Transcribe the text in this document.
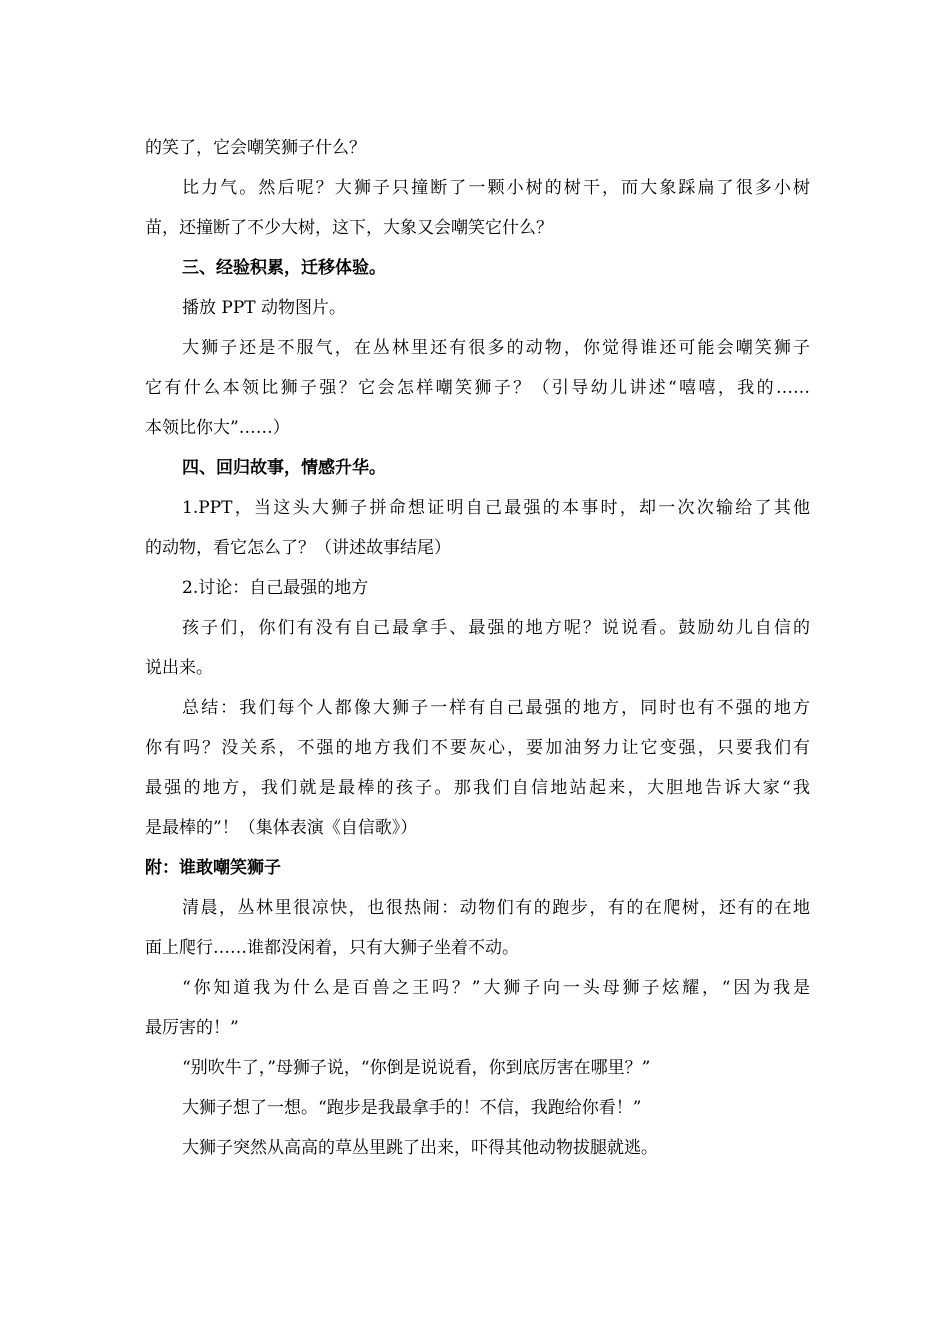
的笑了，它会嘲笑狮子什么？
比力气。然后呢？大狮子只撞断了一颗小树的树干，而大象踩扁了很多小树
苗，还撞断了不少大树，这下，大象又会嘲笑它什么？
三、经验积累，迁移体验。
播放 PPT 动物图片。
大狮子还是不服气，在丛林里还有很多的动物，你觉得谁还可能会嘲笑狮子
它有什么本领比狮子强？它会怎样嘲笑狮子？（引导幼儿讲述“嘻嘻，我的……
本领比你大”……）
四、回归故事，情感升华。
1.PPT，当这头大狮子拼命想证明自己最强的本事时，却一次次输给了其他
的动物，看它怎么了？（讲述故事结尾）
2.讨论：自己最强的地方
孩子们，你们有没有自己最拿手、最强的地方呢？说说看。鼓励幼儿自信的
说出来。
总结：我们每个人都像大狮子一样有自己最强的地方，同时也有不强的地方
你有吗？没关系，不强的地方我们不要灰心，要加油努力让它变强，只要我们有
最强的地方，我们就是最棒的孩子。那我们自信地站起来，大胆地告诉大家“我
是最棒的”！（集体表演《自信歌》）
附：谁敢嘲笑狮子
清晨，丛林里很凉快，也很热闹：动物们有的跑步，有的在爬树，还有的在地
面上爬行……谁都没闲着，只有大狮子坐着不动。
“你知道我为什么是百兽之王吗？”大狮子向一头母狮子炫耀，“因为我是
最厉害的！”
“别吹牛了，”母狮子说，“你倒是说说看，你到底厉害在哪里？”
大狮子想了一想。“跑步是我最拿手的！不信，我跑给你看！”
大狮子突然从高高的草丛里跳了出来，吓得其他动物拔腿就逃。
